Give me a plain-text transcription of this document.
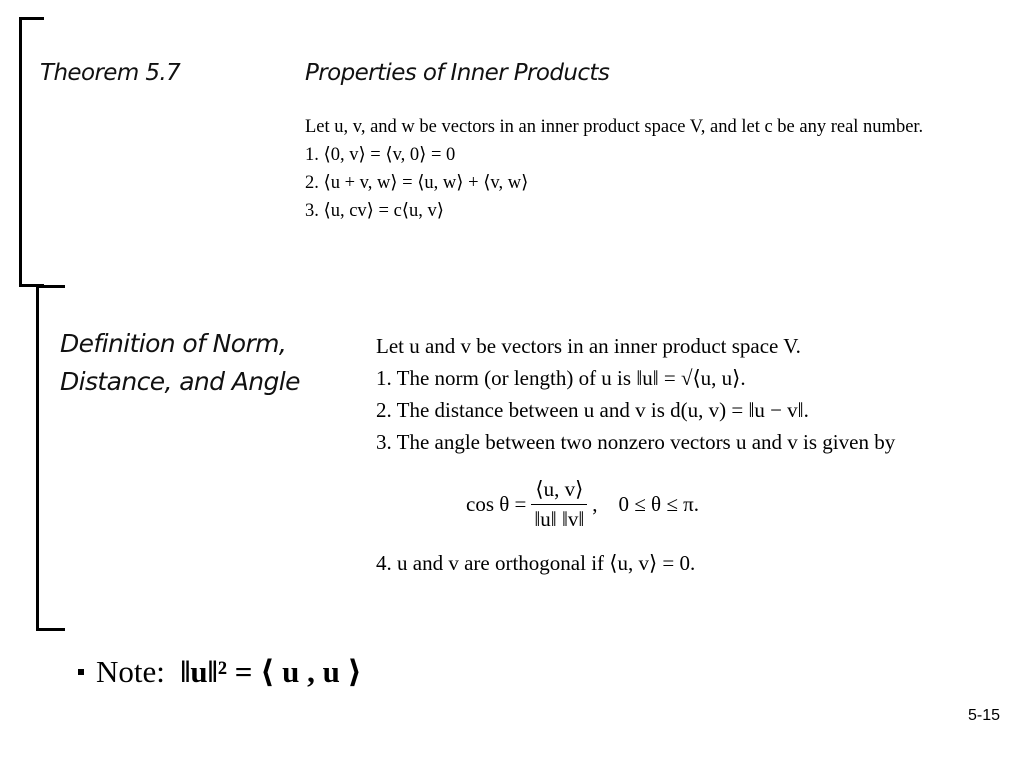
Theorem 5.7	Properties of Inner Products
Let u, v, and w be vectors in an inner product space V, and let c be any real number.
1. ⟨0, v⟩ = ⟨v, 0⟩ = 0
2. ⟨u + v, w⟩ = ⟨u, w⟩ + ⟨v, w⟩
3. ⟨u, cv⟩ = c⟨u, v⟩
Definition of Norm,
Distance, and Angle
Let u and v be vectors in an inner product space V.
1. The norm (or length) of u is ‖u‖ = √⟨u, u⟩.
2. The distance between u and v is d(u, v) = ‖u − v‖.
3. The angle between two nonzero vectors u and v is given by
$\cos \theta = \frac{⟨u, v⟩}{‖u‖ ‖v‖}$ ,    0 ≤ θ ≤ π.
4. u and v are orthogonal if ⟨u, v⟩ = 0.
Note:
‖u‖² = ⟨ u , u ⟩
5-15
